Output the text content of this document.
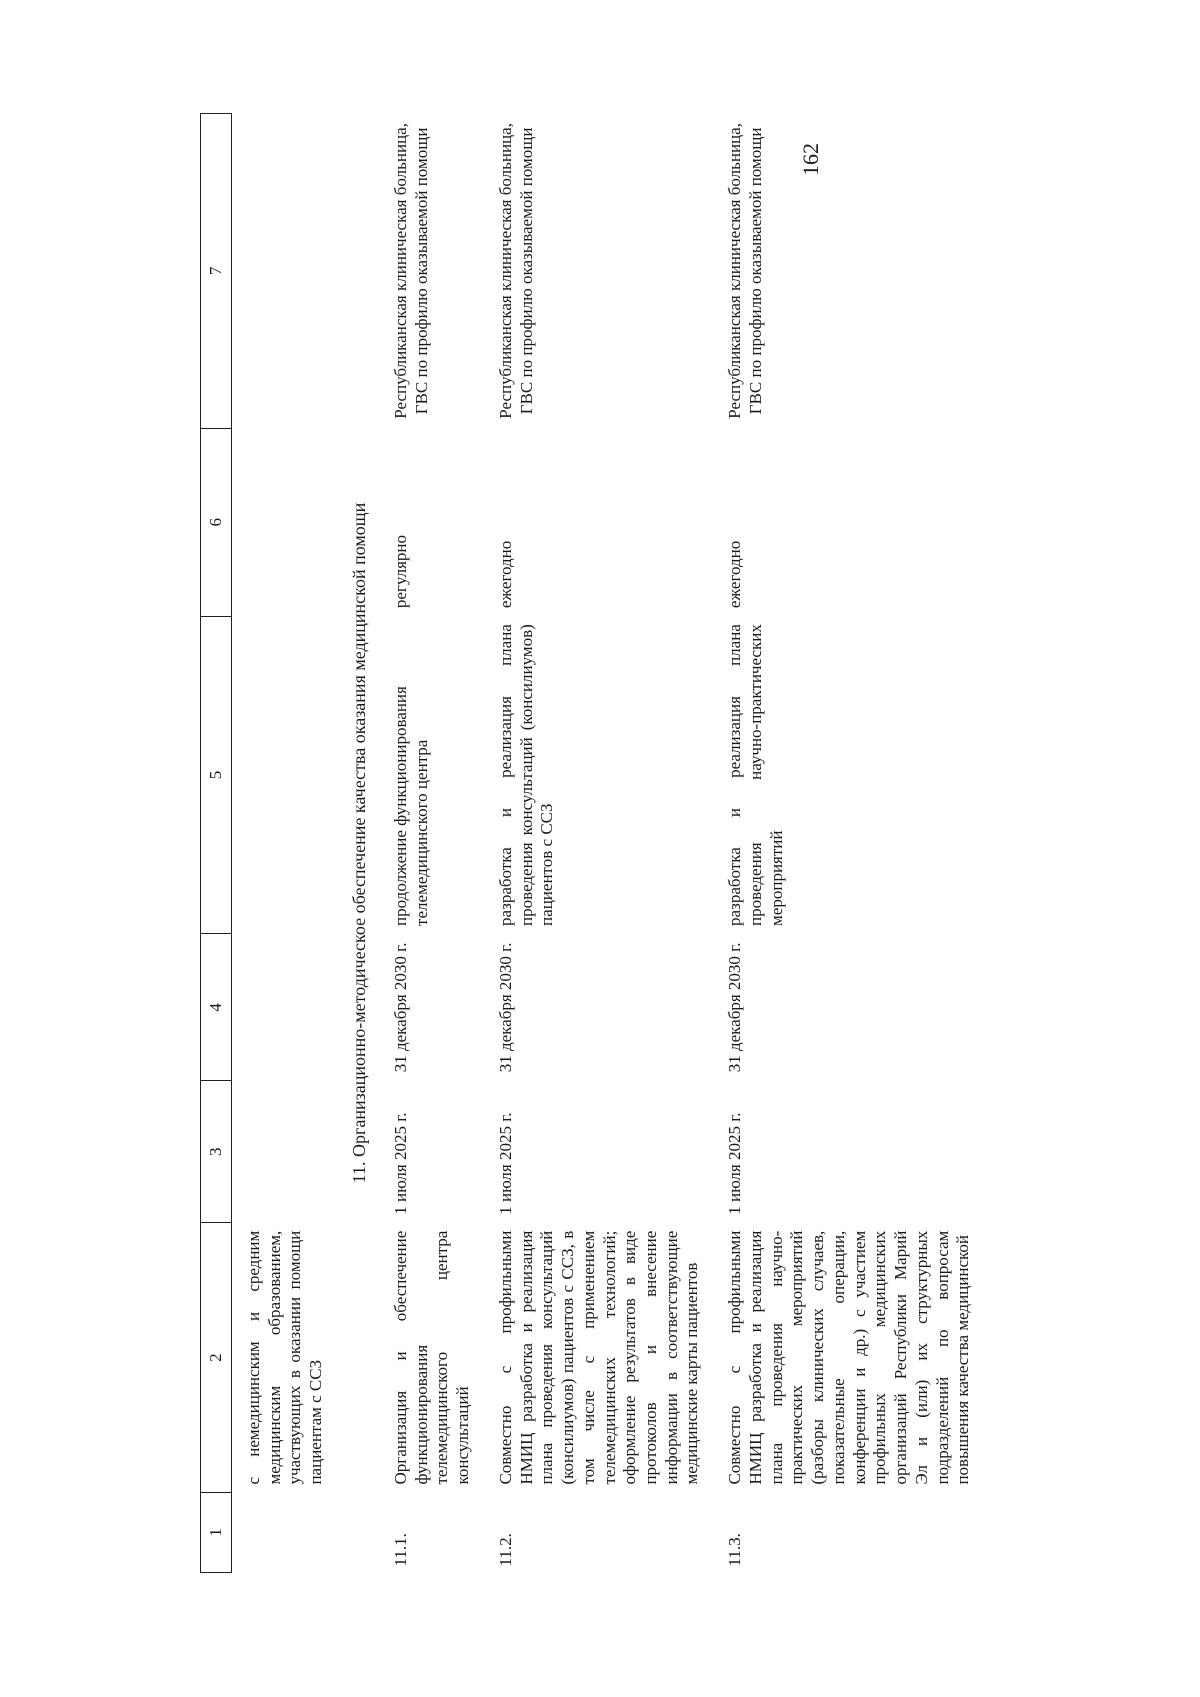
162
1	2	3	4	5	6	7
	с немедицинским и средним медицинским образованием, участвующих в оказании помощи пациентам с ССЗ					
11. Организационно-методическое обеспечение качества оказания медицинской помощи						
11.1.	Организация и обеспечение функционирования телемедицинского центра консультаций	1 июля 2025 г.	31 декабря 2030 г.	продолжение функционирования телемедицинского центра	регулярно	Республиканская клиническая больница, ГВС по профилю оказываемой помощи
11.2.	Совместно с профильными НМИЦ разработка и реализация плана проведения консультаций (консилиумов) пациентов с ССЗ, в том числе с применением телемедицинских технологий; оформление результатов в виде протоколов и внесение информации в соответствующие медицинские карты пациентов	1 июля 2025 г.	31 декабря 2030 г.	разработка и реализация плана проведения консультаций (консилиумов) пациентов с ССЗ	ежегодно	Республиканская клиническая больница, ГВС по профилю оказываемой помощи
11.3.	Совместно с профильными НМИЦ разработка и реализация плана проведения научно-практических мероприятий (разборы клинических случаев, показательные операции, конференции и др.) с участием профильных медицинских организаций Республики Марий Эл и (или) их структурных подразделений по вопросам повышения качества медицинской	1 июля 2025 г.	31 декабря 2030 г.	разработка и реализация плана проведения научно-практических мероприятий	ежегодно	Республиканская клиническая больница, ГВС по профилю оказываемой помощи
